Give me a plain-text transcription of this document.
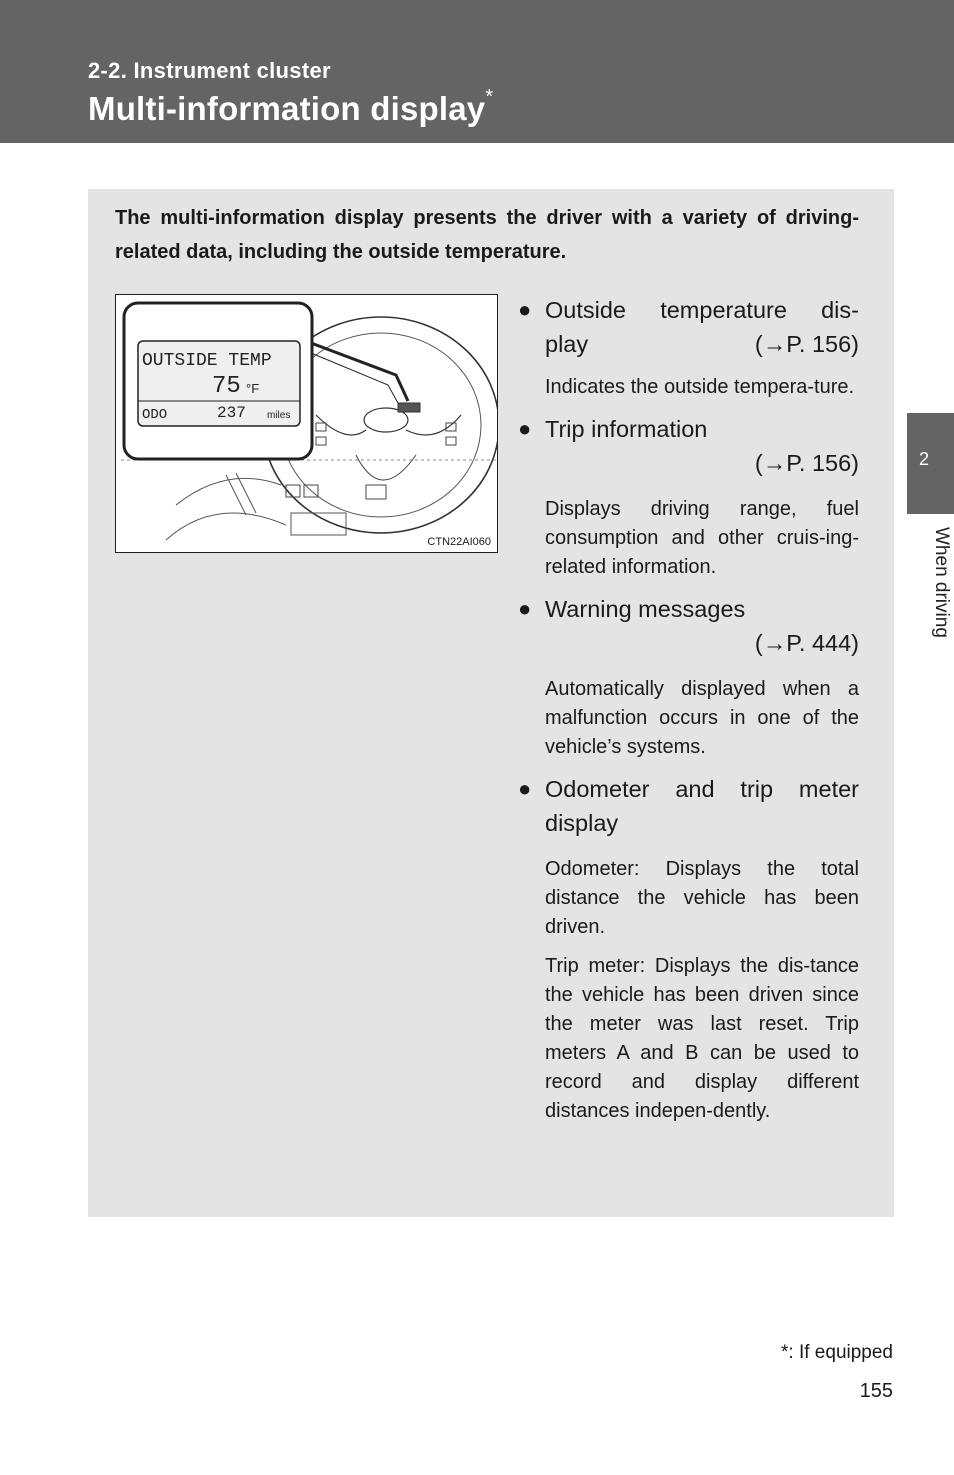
2-2. Instrument cluster
Multi-information display*
The multi-information display presents the driver with a variety of driving-related data, including the outside temperature.
OUTSIDE TEMP
75 °F
ODO	237 miles
CTN22AI060
● Outside temperature dis-
play	(→P. 156)
Indicates the outside tempera-ture.
● Trip information
(→P. 156)
Displays driving range, fuel consumption and other cruis-ing-related information.
● Warning messages
(→P. 444)
Automatically displayed when a malfunction occurs in one of the vehicle’s systems.
● Odometer and trip meter display
Odometer: Displays the total distance the vehicle has been driven.
Trip meter: Displays the dis-tance the vehicle has been driven since the meter was last reset. Trip meters A and B can be used to record and display different distances indepen-dently.
2
When driving
*: If equipped
155
